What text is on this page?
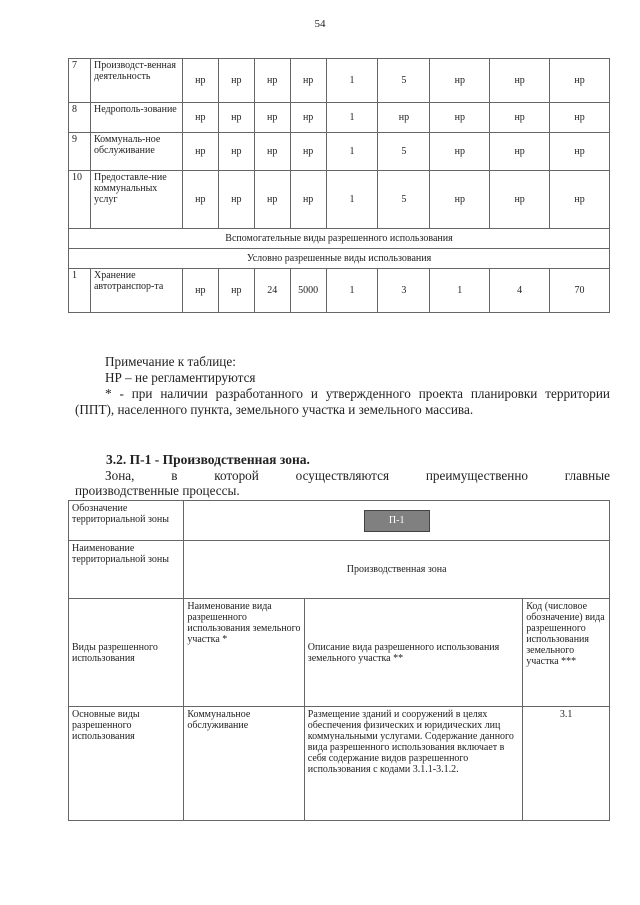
54
7	Производст-венная деятельность	нр	нр	нр	нр	1	5	нр	нр	нр
8	Недрополь-зование	нр	нр	нр	нр	1	нр	нр	нр	нр
9	Коммуналь-ное обслуживание	нр	нр	нр	нр	1	5	нр	нр	нр
10	Предоставле-ние коммунальных услуг	нр	нр	нр	нр	1	5	нр	нр	нр
Вспомогательные виды разрешенного использования										
Условно разрешенные виды использования										
1	Хранение автотранспор-та	нр	нр	24	5000	1	3	1	4	70

Примечание к таблице:

НР – не регламентируются

* - при наличии разработанного и утвержденного проекта планировки территории (ППТ), населенного пункта, земельного участка и земельного массива.

3.2. П-1 - Производственная зона.
Зона,	в	которой	осуществляются	преимущественно	главные
производственные процессы.
Обозначение территориальной зоны	П-1		
Наименование территориальной зоны	Производственная зона		
Виды разрешенного использования	Наименование вида разрешенного использования земельного участка *	Описание вида разрешенного использования земельного участка **	Код (числовое обозначение) вида разрешенного использования земельного участка ***
Основные виды разрешенного использования	Коммунальное обслуживание	Размещение зданий и сооружений в целях обеспечения физических и юридических лиц коммунальными услугами. Содержание данного вида разрешенного использования включает в себя содержание видов разрешенного использования с кодами 3.1.1-3.1.2.	3.1
